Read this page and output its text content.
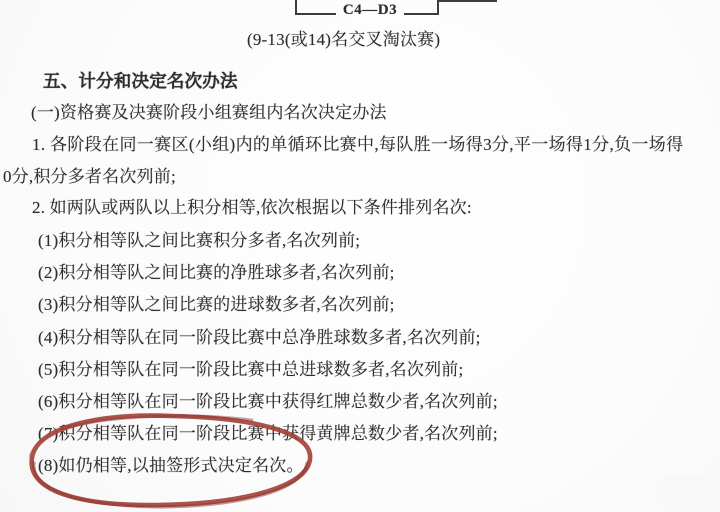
C4—D3
(9-13(或14)名交叉淘汰赛)
五、计分和决定名次办法
(一)资格赛及决赛阶段小组赛组内名次决定办法
1. 各阶段在同一赛区(小组)内的单循环比赛中,每队胜一场得3分,平一场得1分,负一场得
0分,积分多者名次列前;
2. 如两队或两队以上积分相等,依次根据以下条件排列名次:
(1)积分相等队之间比赛积分多者,名次列前;
(2)积分相等队之间比赛的净胜球多者,名次列前;
(3)积分相等队之间比赛的进球数多者,名次列前;
(4)积分相等队在同一阶段比赛中总净胜球数多者,名次列前;
(5)积分相等队在同一阶段比赛中总进球数多者,名次列前;
(6)积分相等队在同一阶段比赛中获得红牌总数少者,名次列前;
(7)积分相等队在同一阶段比赛中获得黄牌总数少者,名次列前;
(8)如仍相等,以抽签形式决定名次。
